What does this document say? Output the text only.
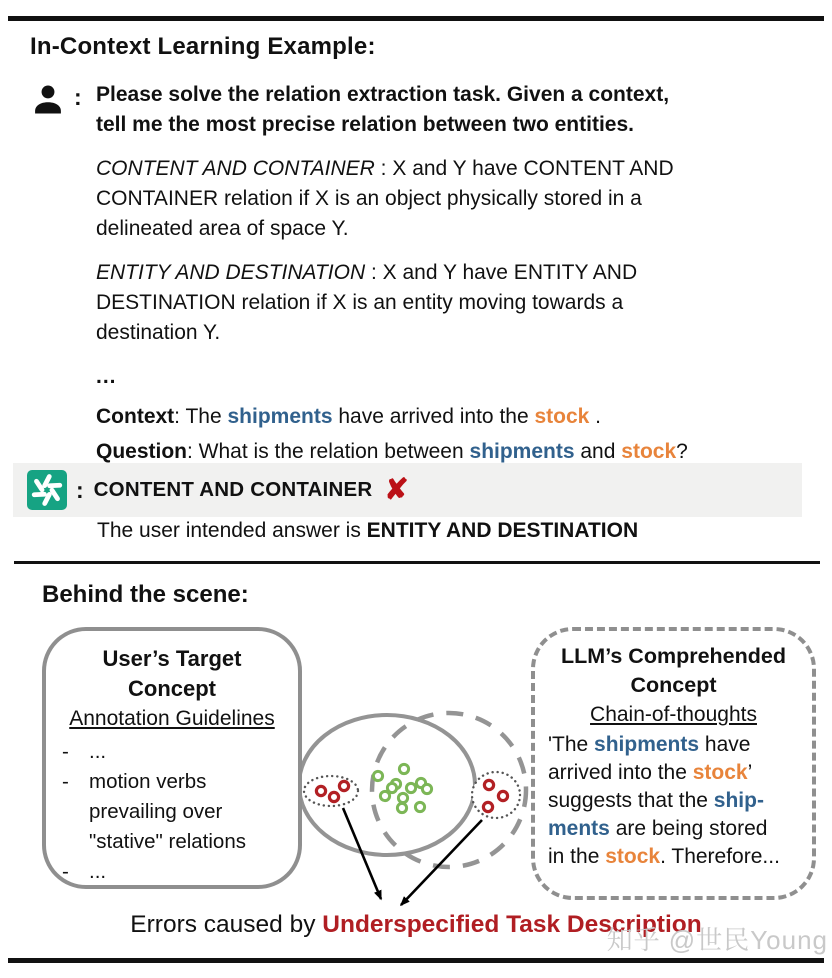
In-Context Learning Example:
: Please solve the relation extraction task. Given a context,
tell me the most precise relation between two entities.

CONTENT AND CONTAINER : X and Y have CONTENT AND
CONTAINER relation if X is an object physically stored in a
delineated area of space Y.

ENTITY AND DESTINATION : X and Y have ENTITY AND
DESTINATION relation if X is an entity moving towards a
destination Y.

...

Context: The shipments have arrived into the stock .

Question: What is the relation between shipments and stock?

: CONTENT AND CONTAINER ✘
The user intended answer is ENTITY AND DESTINATION
Behind the scene:
User’s Target
Concept
Annotation Guidelines
- ...
- motion verbs
prevailing over
"stative" relations
- ...
LLM’s Comprehended
Concept
Chain-of-thoughts
'The shipments have
arrived into the stock’
suggests that the ship-
ments are being stored
in the stock. Therefore...
Errors caused by Underspecified Task Description
知乎 @世民Young
